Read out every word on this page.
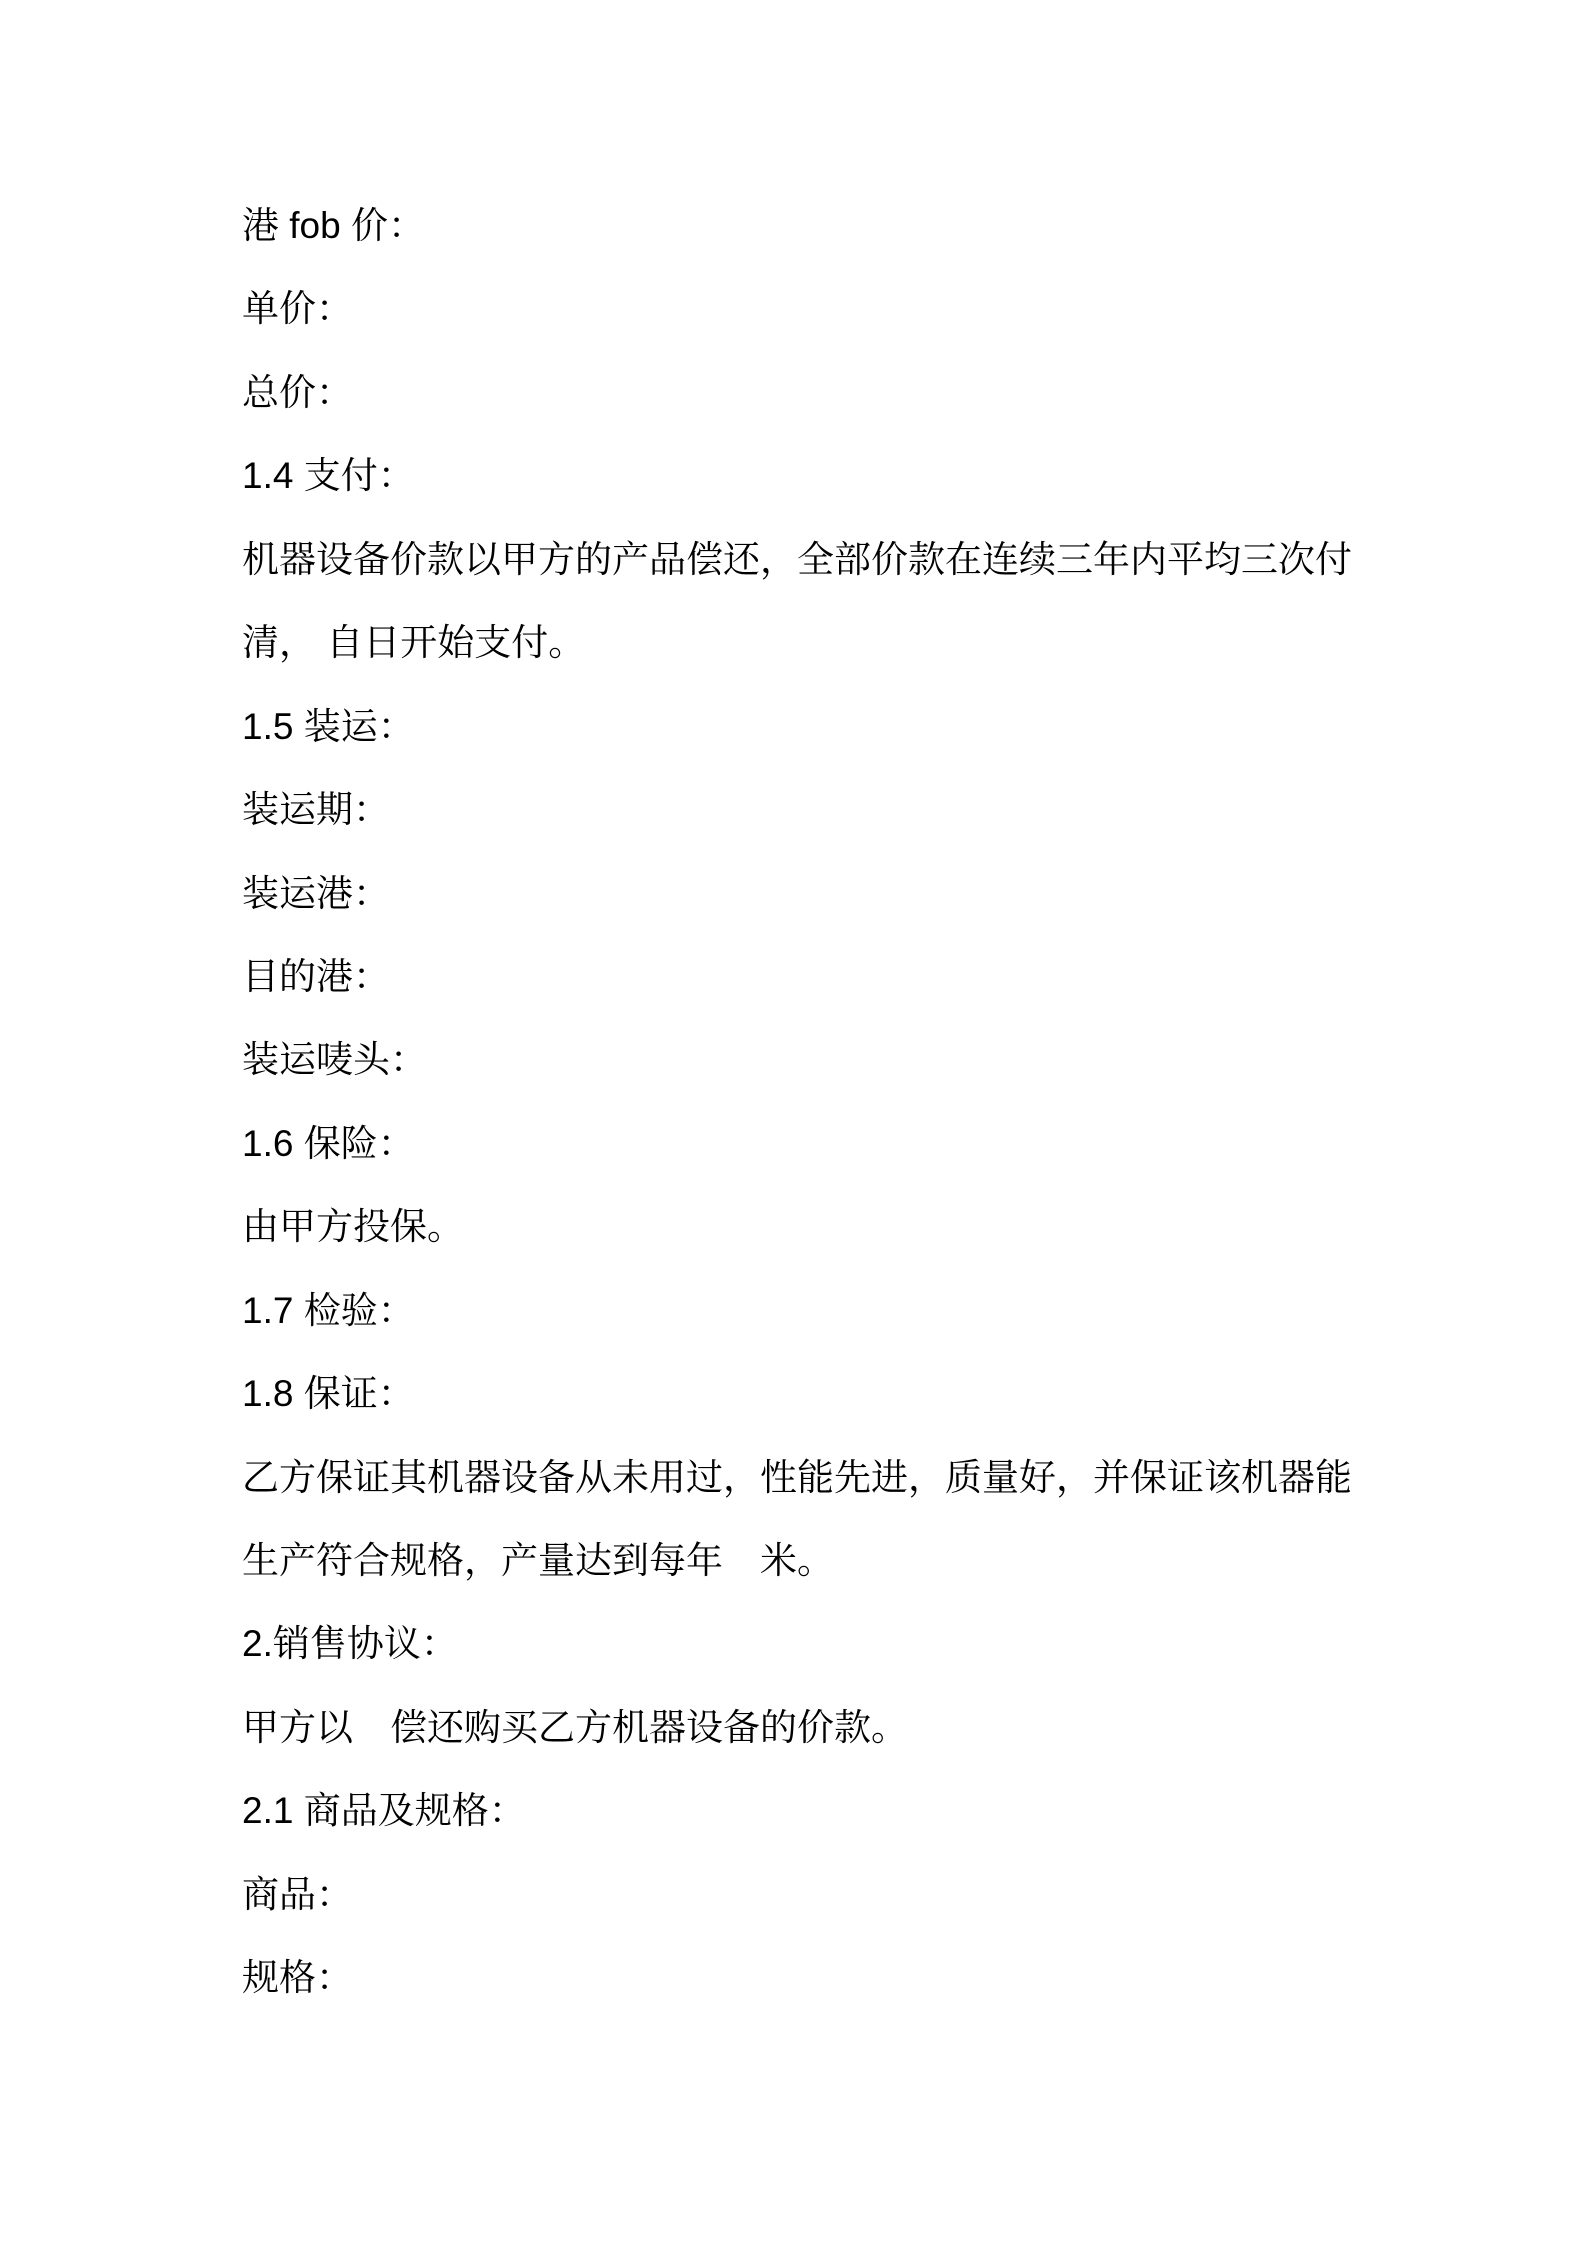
港 fob 价：

单价：

总价：

1.4 支付：

机器设备价款以甲方的产品偿还，全部价款在连续三年内平均三次付

清， 自日开始支付。

1.5 装运：

装运期：

装运港：

目的港：

装运唛头：

1.6 保险：

由甲方投保。

1.7 检验：

1.8 保证：

乙方保证其机器设备从未用过，性能先进，质量好，并保证该机器能

生产符合规格，产量达到每年　米。

2.销售协议：

甲方以　偿还购买乙方机器设备的价款。

2.1 商品及规格：

商品：

规格：
